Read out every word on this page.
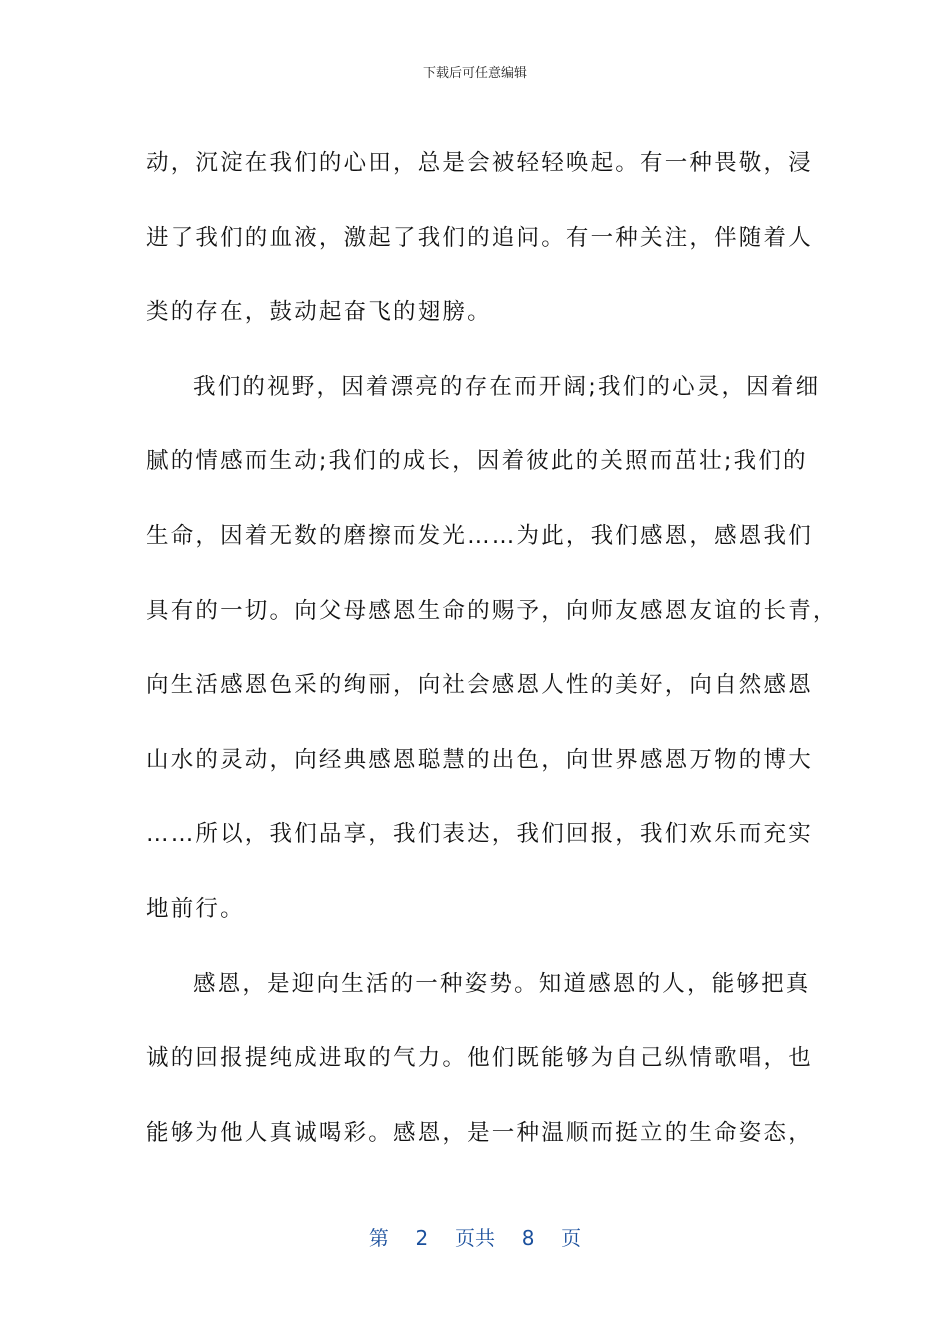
下载后可任意编辑
动，沉淀在我们的心田，总是会被轻轻唤起。有一种畏敬，浸
进了我们的血液，激起了我们的追问。有一种关注，伴随着人
类的存在，鼓动起奋飞的翅膀。
我们的视野，因着漂亮的存在而开阔;我们的心灵，因着细
腻的情感而生动;我们的成长，因着彼此的关照而茁壮;我们的
生命，因着无数的磨擦而发光……为此，我们感恩，感恩我们
具有的一切。向父母感恩生命的赐予，向师友感恩友谊的长青，
向生活感恩色采的绚丽，向社会感恩人性的美好，向自然感恩
山水的灵动，向经典感恩聪慧的出色，向世界感恩万物的博大
……所以，我们品享，我们表达，我们回报，我们欢乐而充实
地前行。
感恩，是迎向生活的一种姿势。知道感恩的人，能够把真
诚的回报提纯成进取的气力。他们既能够为自己纵情歌唱，也
能够为他人真诚喝彩。感恩，是一种温顺而挺立的生命姿态，
第 2 页共 8 页
